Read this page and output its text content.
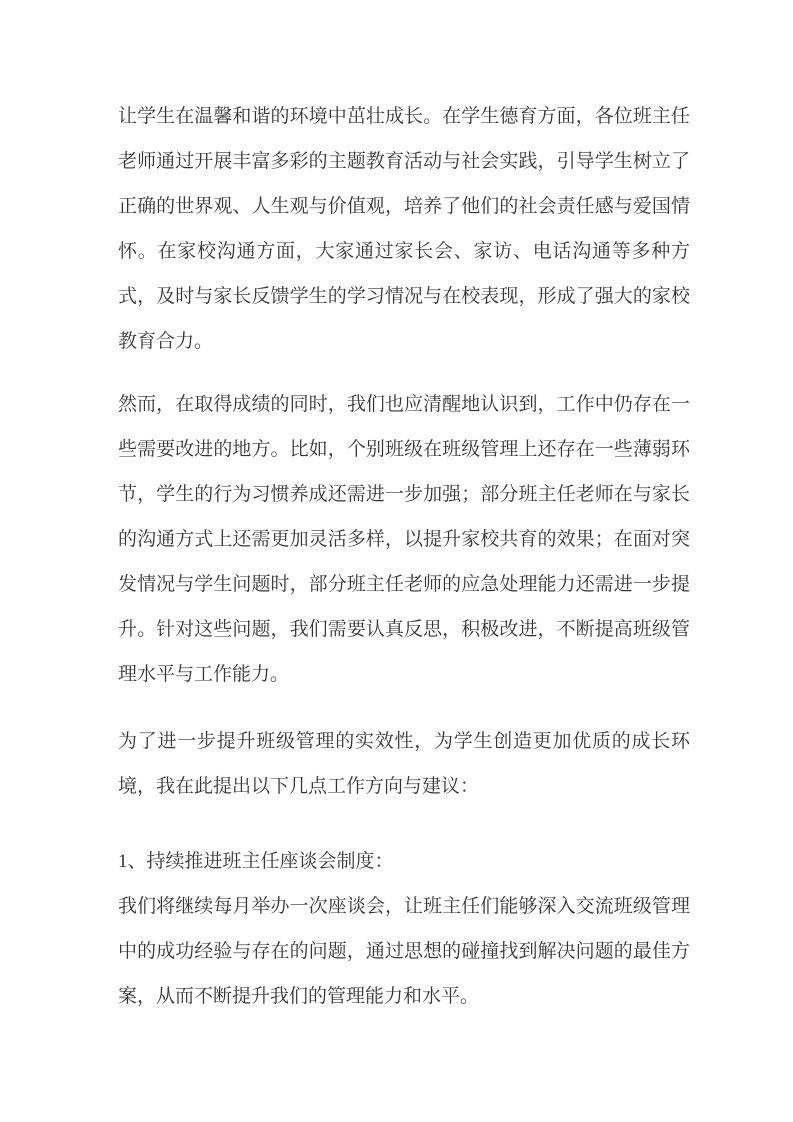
让学生在温馨和谐的环境中茁壮成长。在学生德育方面，各位班主任老师通过开展丰富多彩的主题教育活动与社会实践，引导学生树立了正确的世界观、人生观与价值观，培养了他们的社会责任感与爱国情怀。在家校沟通方面，大家通过家长会、家访、电话沟通等多种方式，及时与家长反馈学生的学习情况与在校表现，形成了强大的家校教育合力。

然而，在取得成绩的同时，我们也应清醒地认识到，工作中仍存在一些需要改进的地方。比如，个别班级在班级管理上还存在一些薄弱环节，学生的行为习惯养成还需进一步加强；部分班主任老师在与家长的沟通方式上还需更加灵活多样，以提升家校共育的效果；在面对突发情况与学生问题时，部分班主任老师的应急处理能力还需进一步提升。针对这些问题，我们需要认真反思，积极改进，不断提高班级管理水平与工作能力。

为了进一步提升班级管理的实效性，为学生创造更加优质的成长环境，我在此提出以下几点工作方向与建议：

1、持续推进班主任座谈会制度：

我们将继续每月举办一次座谈会，让班主任们能够深入交流班级管理中的成功经验与存在的问题，通过思想的碰撞找到解决问题的最佳方案，从而不断提升我们的管理能力和水平。
